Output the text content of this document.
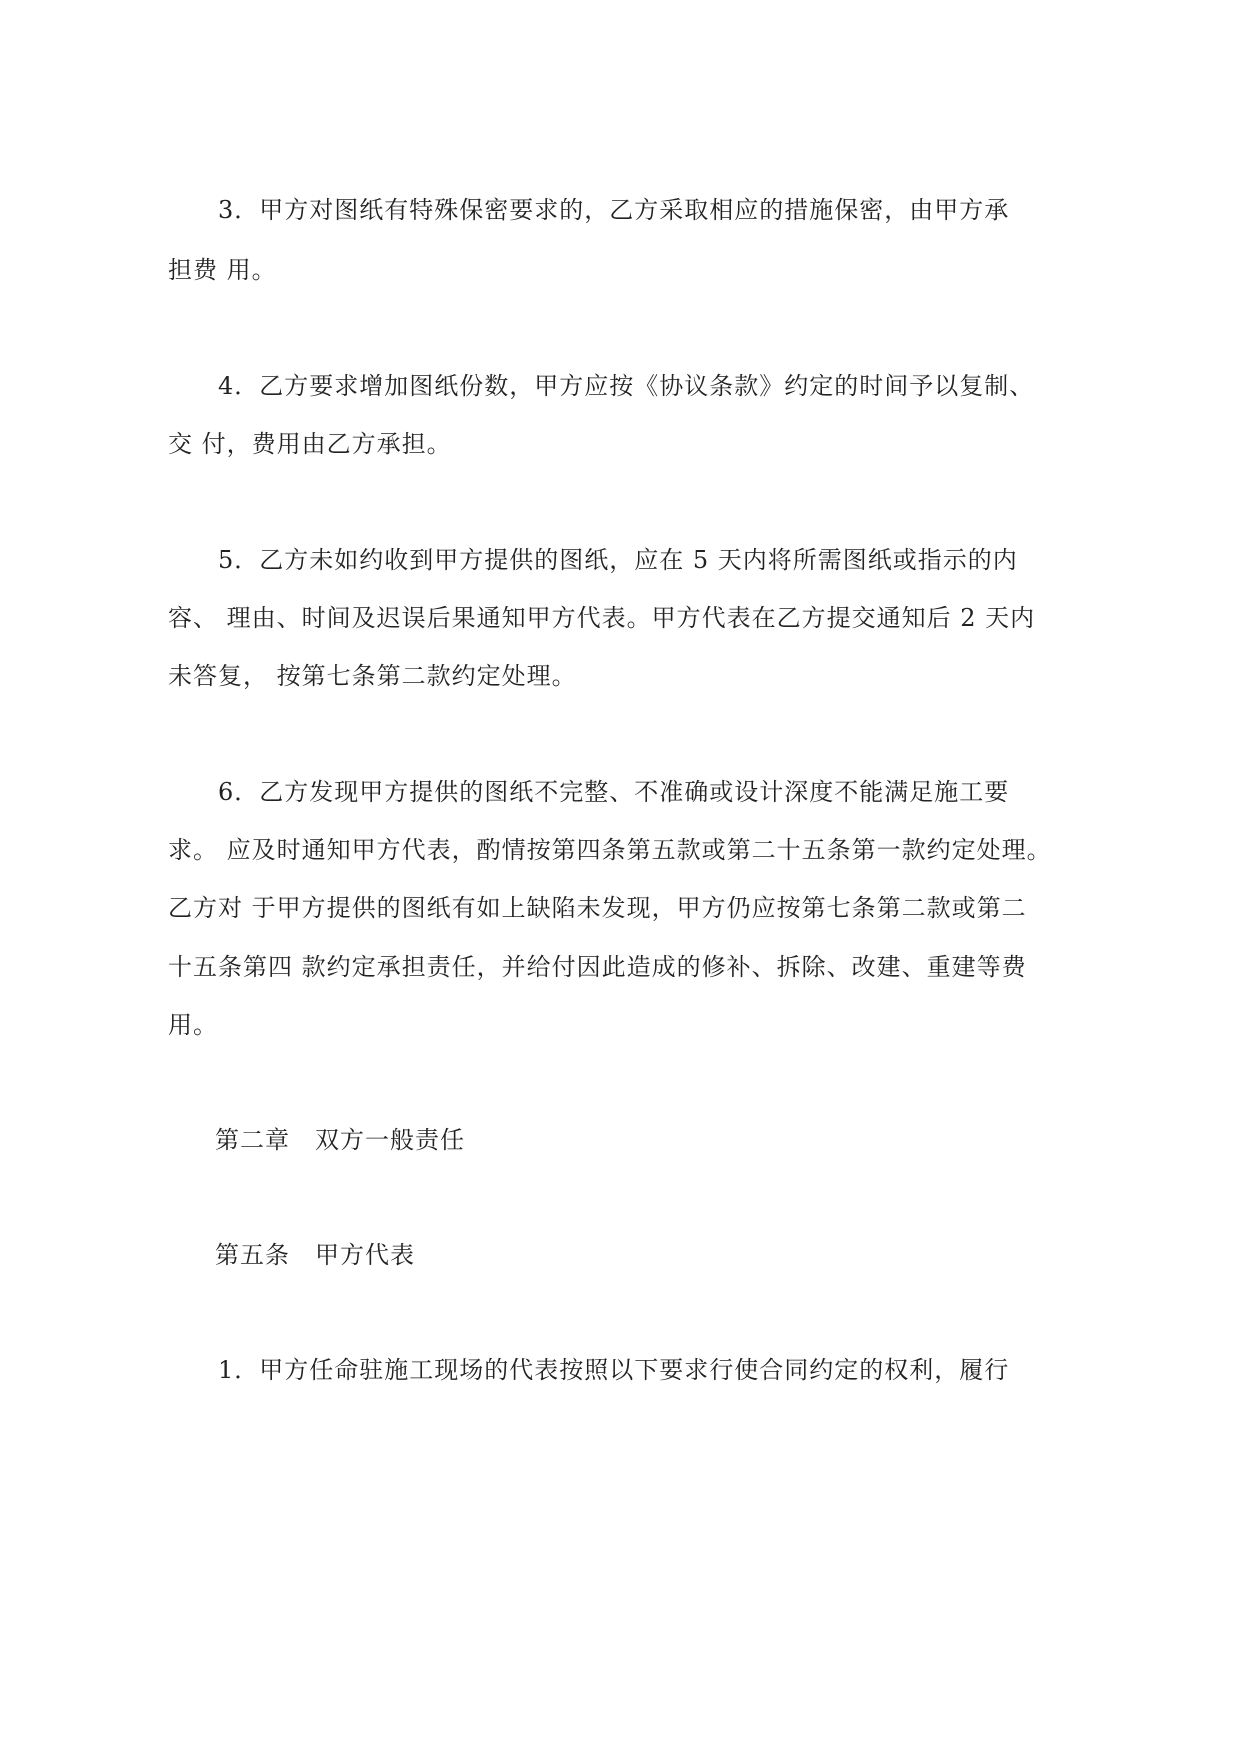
3．甲方对图纸有特殊保密要求的，乙方采取相应的措施保密，由甲方承
担费 用。
4．乙方要求增加图纸份数，甲方应按《协议条款》约定的时间予以复制、
交 付，费用由乙方承担。
5．乙方未如约收到甲方提供的图纸，应在 5 天内将所需图纸或指示的内
容、 理由、时间及迟误后果通知甲方代表。甲方代表在乙方提交通知后 2 天内
未答复， 按第七条第二款约定处理。
6．乙方发现甲方提供的图纸不完整、不准确或设计深度不能满足施工要
求。 应及时通知甲方代表，酌情按第四条第五款或第二十五条第一款约定处理。
乙方对 于甲方提供的图纸有如上缺陷未发现，甲方仍应按第七条第二款或第二
十五条第四 款约定承担责任，并给付因此造成的修补、拆除、改建、重建等费
用。
第二章　双方一般责任
第五条　甲方代表
1．甲方任命驻施工现场的代表按照以下要求行使合同约定的权利，履行
